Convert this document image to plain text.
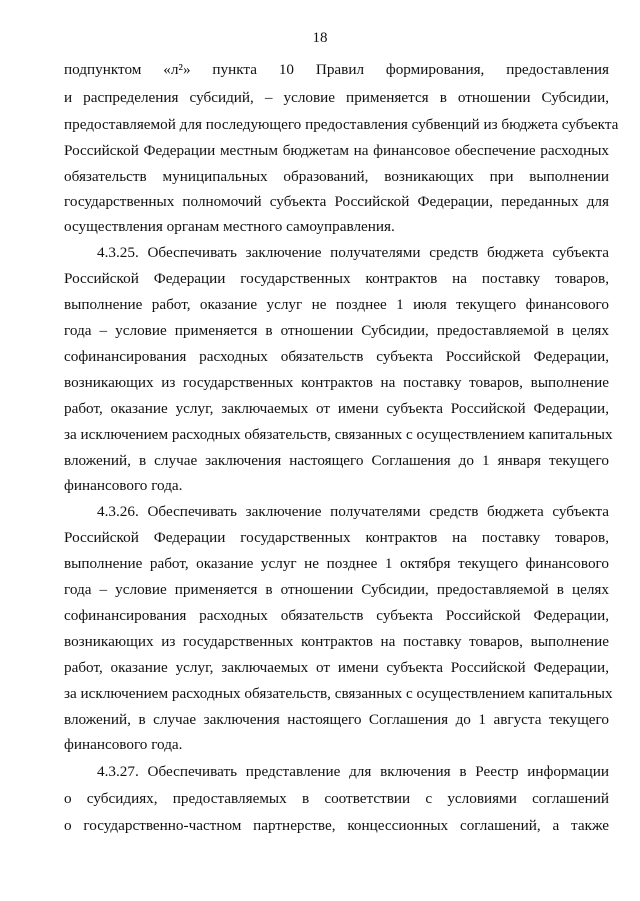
18
подпунктом «л²» пункта 10 Правил формирования, предоставления
и распределения субсидий, – условие применяется в отношении Субсидии,
предоставляемой для последующего предоставления субвенций из бюджета субъекта
Российской Федерации местным бюджетам на финансовое обеспечение расходных
обязательств муниципальных образований, возникающих при выполнении
государственных полномочий субъекта Российской Федерации, переданных для
осуществления органам местного самоуправления.
4.3.25. Обеспечивать заключение получателями средств бюджета субъекта
Российской Федерации государственных контрактов на поставку товаров,
выполнение работ, оказание услуг не позднее 1 июля текущего финансового
года – условие применяется в отношении Субсидии, предоставляемой в целях
софинансирования расходных обязательств субъекта Российской Федерации,
возникающих из государственных контрактов на поставку товаров, выполнение
работ, оказание услуг, заключаемых от имени субъекта Российской Федерации,
за исключением расходных обязательств, связанных с осуществлением капитальных
вложений, в случае заключения настоящего Соглашения до 1 января текущего
финансового года.
4.3.26. Обеспечивать заключение получателями средств бюджета субъекта
Российской Федерации государственных контрактов на поставку товаров,
выполнение работ, оказание услуг не позднее 1 октября текущего финансового
года – условие применяется в отношении Субсидии, предоставляемой в целях
софинансирования расходных обязательств субъекта Российской Федерации,
возникающих из государственных контрактов на поставку товаров, выполнение
работ, оказание услуг, заключаемых от имени субъекта Российской Федерации,
за исключением расходных обязательств, связанных с осуществлением капитальных
вложений, в случае заключения настоящего Соглашения до 1 августа текущего
финансового года.
4.3.27. Обеспечивать представление для включения в Реестр информации
о субсидиях, предоставляемых в соответствии с условиями соглашений
о государственно-частном партнерстве, концессионных соглашений, а также
